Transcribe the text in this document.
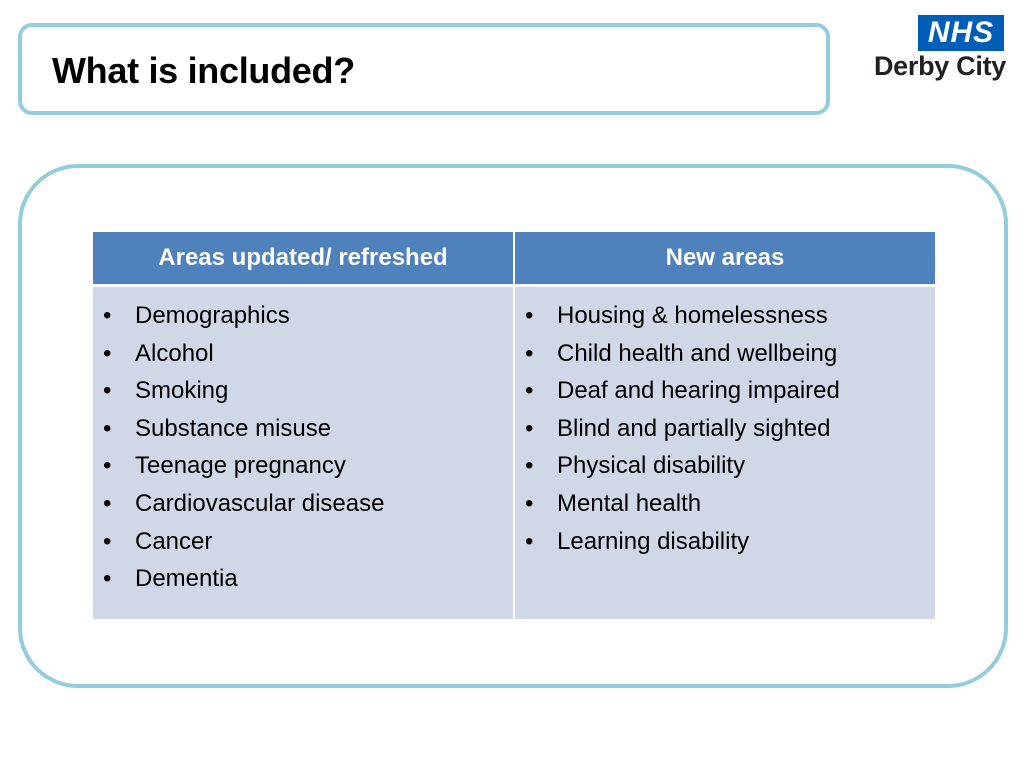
What is included?
NHS
Derby City
Areas updated/ refreshed	New areas
• Demographics
• Alcohol
• Smoking
• Substance misuse
• Teenage pregnancy
• Cardiovascular disease
• Cancer
• Dementia
• Housing & homelessness
• Child health and wellbeing
• Deaf and hearing impaired
• Blind and partially sighted
• Physical disability
• Mental health
• Learning disability
